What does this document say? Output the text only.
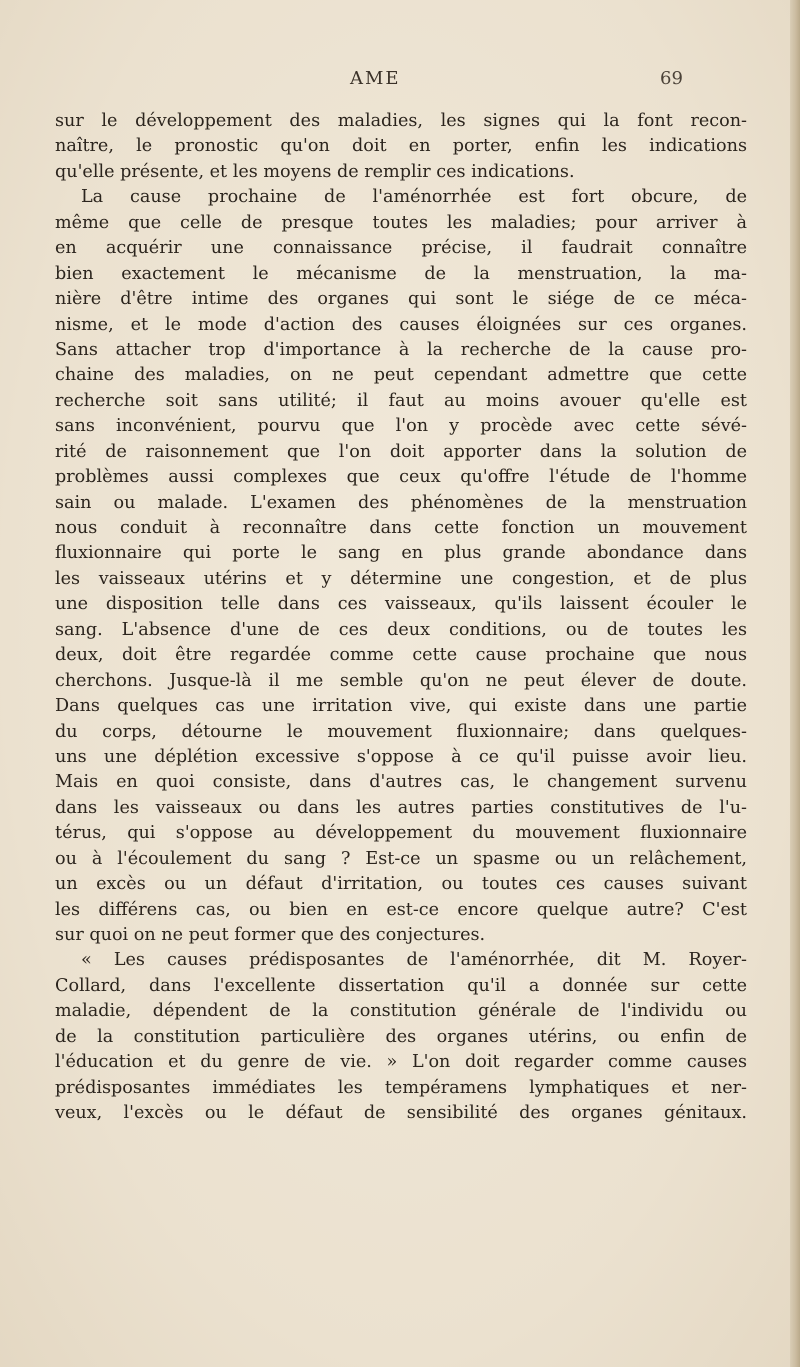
AME	69
sur le développement des maladies, les signes qui la font recon-
naître, le pronostic qu'on doit en porter, enfin les indications
qu'elle présente, et les moyens de remplir ces indications.
La cause prochaine de l'aménorrhée est fort obcure, de
même que celle de presque toutes les maladies; pour arriver à
en acquérir une connaissance précise, il faudrait connaître
bien exactement le mécanisme de la menstruation, la ma-
nière d'être intime des organes qui sont le siége de ce méca-
nisme, et le mode d'action des causes éloignées sur ces organes.
Sans attacher trop d'importance à la recherche de la cause pro-
chaine des maladies, on ne peut cependant admettre que cette
recherche soit sans utilité; il faut au moins avouer qu'elle est
sans inconvénient, pourvu que l'on y procède avec cette sévé-
rité de raisonnement que l'on doit apporter dans la solution de
problèmes aussi complexes que ceux qu'offre l'étude de l'homme
sain ou malade. L'examen des phénomènes de la menstruation
nous conduit à reconnaître dans cette fonction un mouvement
fluxionnaire qui porte le sang en plus grande abondance dans
les vaisseaux utérins et y détermine une congestion, et de plus
une disposition telle dans ces vaisseaux, qu'ils laissent écouler le
sang. L'absence d'une de ces deux conditions, ou de toutes les
deux, doit être regardée comme cette cause prochaine que nous
cherchons. Jusque-là il me semble qu'on ne peut élever de doute.
Dans quelques cas une irritation vive, qui existe dans une partie
du corps, détourne le mouvement fluxionnaire; dans quelques-
uns une déplétion excessive s'oppose à ce qu'il puisse avoir lieu.
Mais en quoi consiste, dans d'autres cas, le changement survenu
dans les vaisseaux ou dans les autres parties constitutives de l'u-
térus, qui s'oppose au développement du mouvement fluxionnaire
ou à l'écoulement du sang ? Est-ce un spasme ou un relâchement,
un excès ou un défaut d'irritation, ou toutes ces causes suivant
les différens cas, ou bien en est-ce encore quelque autre? C'est
sur quoi on ne peut former que des conjectures.
« Les causes prédisposantes de l'aménorrhée, dit M. Royer-
Collard, dans l'excellente dissertation qu'il a donnée sur cette
maladie, dépendent de la constitution générale de l'individu ou
de la constitution particulière des organes utérins, ou enfin de
l'éducation et du genre de vie. » L'on doit regarder comme causes
prédisposantes immédiates les tempéramens lymphatiques et ner-
veux, l'excès ou le défaut de sensibilité des organes génitaux.
